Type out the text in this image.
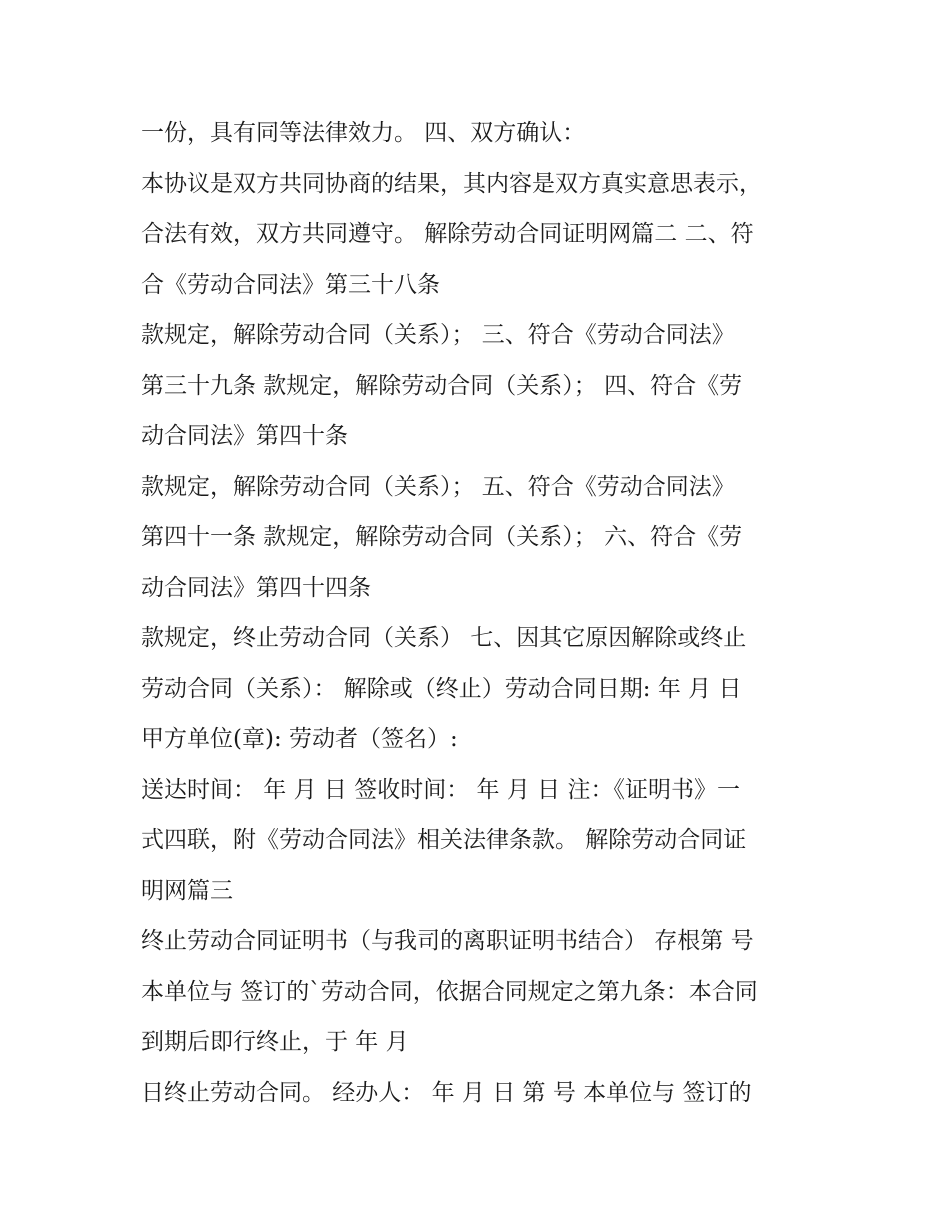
一份，具有同等法律效力。 四、双方确认：
本协议是双方共同协商的结果，其内容是双方真实意思表示，
合法有效，双方共同遵守。 解除劳动合同证明网篇二 二、符
合《劳动合同法》第三十八条
款规定，解除劳动合同（关系）； 三、符合《劳动合同法》
第三十九条 款规定，解除劳动合同（关系）； 四、符合《劳
动合同法》第四十条
款规定，解除劳动合同（关系）； 五、符合《劳动合同法》
第四十一条 款规定，解除劳动合同（关系）； 六、符合《劳
动合同法》第四十四条
款规定，终止劳动合同（关系） 七、因其它原因解除或终止
劳动合同（关系）： 解除或（终止）劳动合同日期: 年 月 日
甲方单位(章): 劳动者（签名）:
送达时间： 年 月 日 签收时间： 年 月 日 注：《证明书》一
式四联，附《劳动合同法》相关法律条款。 解除劳动合同证
明网篇三
终止劳动合同证明书（与我司的离职证明书结合） 存根第 号
本单位与 签订的`劳动合同，依据合同规定之第九条：本合同
到期后即行终止，于 年 月
日终止劳动合同。 经办人： 年 月 日 第 号 本单位与 签订的
